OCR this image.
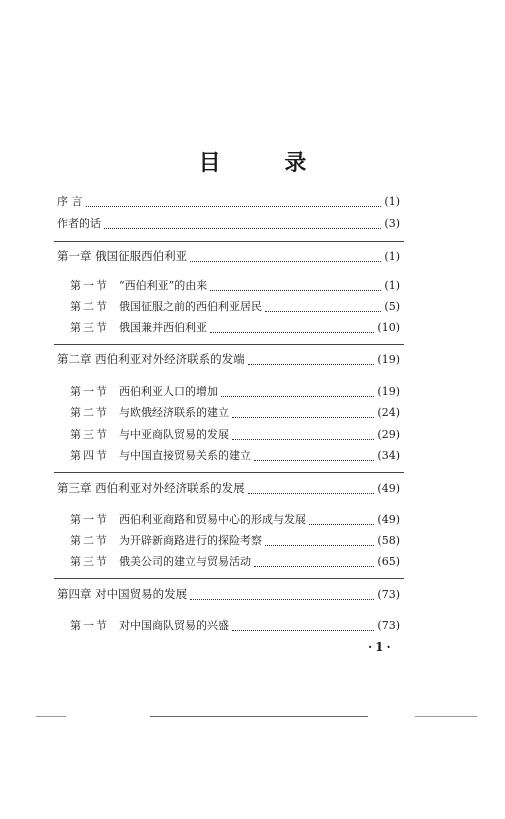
目 录
序 言	(1)
作者的话	(3)
第一章 俄国征服西伯利亚	(1)
第一节 “西伯利亚”的由来	(1)
第二节 俄国征服之前的西伯利亚居民	(5)
第三节 俄国兼并西伯利亚	(10)
第二章 西伯利亚对外经济联系的发端	(19)
第一节 西伯利亚人口的增加	(19)
第二节 与欧俄经济联系的建立	(24)
第三节 与中亚商队贸易的发展	(29)
第四节 与中国直接贸易关系的建立	(34)
第三章 西伯利亚对外经济联系的发展	(49)
第一节 西伯利亚商路和贸易中心的形成与发展	(49)
第二节 为开辟新商路进行的探险考察	(58)
第三节 俄美公司的建立与贸易活动	(65)
第四章 对中国贸易的发展	(73)
第一节 对中国商队贸易的兴盛	(73)
·1·
